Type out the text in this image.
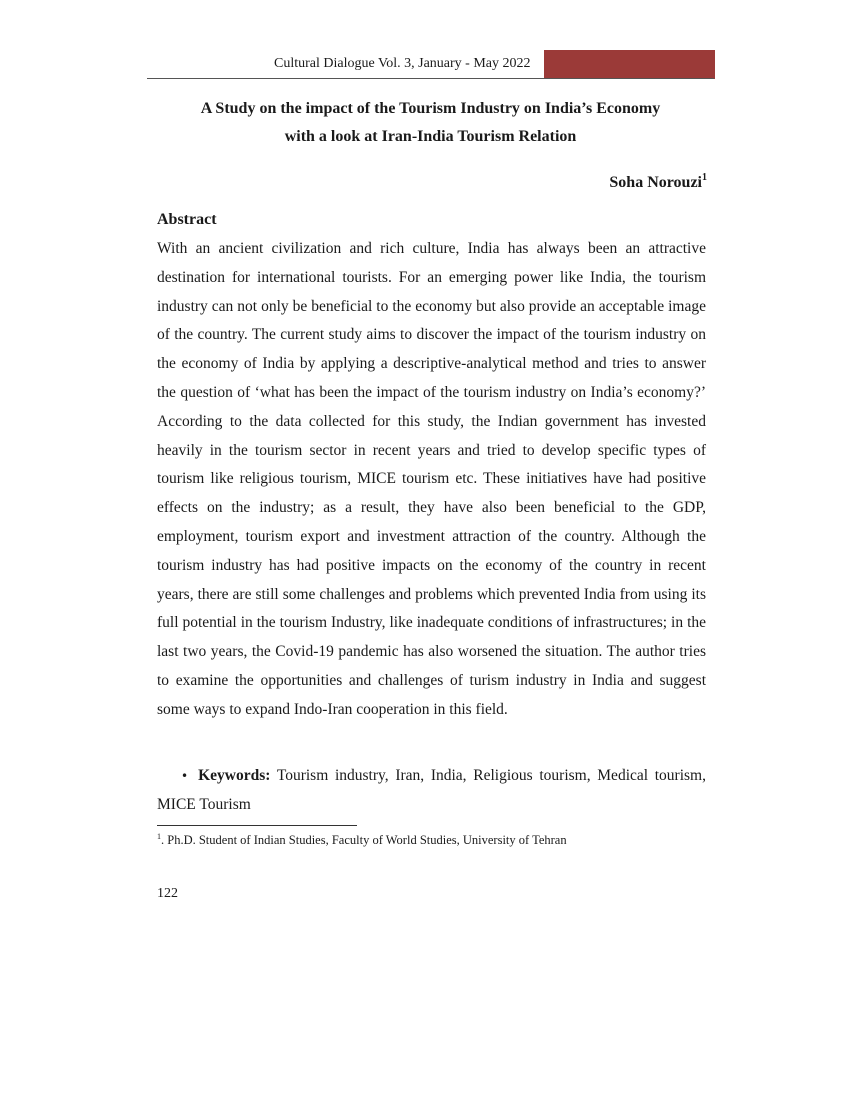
Cultural Dialogue Vol. 3, January - May 2022
A Study on the impact of the Tourism Industry on India’s Economy
with a look at Iran-India Tourism Relation

Soha Norouzi$^1$

Abstract

With an ancient civilization and rich culture, India has always been an attractive destination for international tourists. For an emerging power like India, the tourism industry can not only be beneficial to the economy but also provide an acceptable image of the country. The current study aims to discover the impact of the tourism industry on the economy of India by applying a descriptive-analytical method and tries to answer the question of ‘what has been the impact of the tourism industry on India’s economy?’ According to the data collected for this study, the Indian government has invested heavily in the tourism sector in recent years and tried to develop specific types of tourism like religious tourism, MICE tourism etc. These initiatives have had positive effects on the industry; as a result, they have also been beneficial to the GDP, employment, tourism export and investment attraction of the country. Although the tourism industry has had positive impacts on the economy of the country in recent years, there are still some challenges and problems which prevented India from using its full potential in the tourism Industry, like inadequate conditions of infrastructures; in the last two years, the Covid-19 pandemic has also worsened the situation. The author tries to examine the opportunities and challenges of turism industry in India and suggest some ways to expand Indo-Iran cooperation in this field.

• Keywords: Tourism industry, Iran, India, Religious tourism, Medical tourism, MICE Tourism

$^1$. Ph.D. Student of Indian Studies, Faculty of World Studies, University of Tehran

122
